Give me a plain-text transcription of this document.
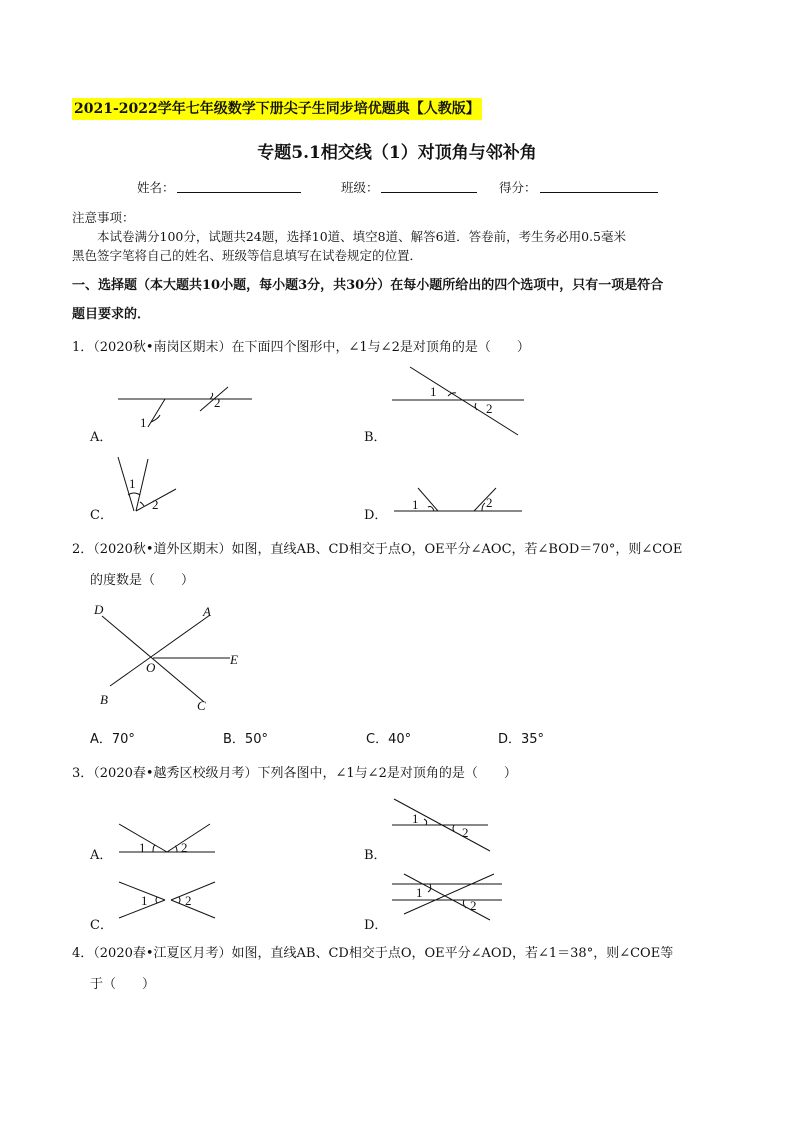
2021-2022学年七年级数学下册尖子生同步培优题典【人教版】
专题5.1相交线（1）对顶角与邻补角
姓名：	班级：	得分：
注意事项：
本试卷满分100分，试题共24题，选择10道、填空8道、解答6道．答卷前，考生务必用0.5毫米
黑色签字笔将自己的姓名、班级等信息填写在试卷规定的位置．
一、选择题（本大题共10小题，每小题3分，共30分）在每小题所给出的四个选项中，只有一项是符合
题目要求的．
1．（2020秋•南岗区期末）在下面四个图形中，∠1与∠2是对顶角的是（　　）
A．
1
2
B．
1
2
C．
1
2
D．
1	2
2．（2020秋•道外区期末）如图，直线AB、CD相交于点O，OE平分∠AOC，若∠BOD＝70°，则∠COE
的度数是（　　）
D	A
E
O
B	C
A．70°	B．50°	C．40°	D．35°
3．（2020春•越秀区校级月考）下列各图中，∠1与∠2是对顶角的是（　　）
A．
1	2
B．
1
2
C．
1	2
D．
1
2
4．（2020春•江夏区月考）如图，直线AB、CD相交于点O，OE平分∠AOD，若∠1＝38°，则∠COE等
于（　　）
